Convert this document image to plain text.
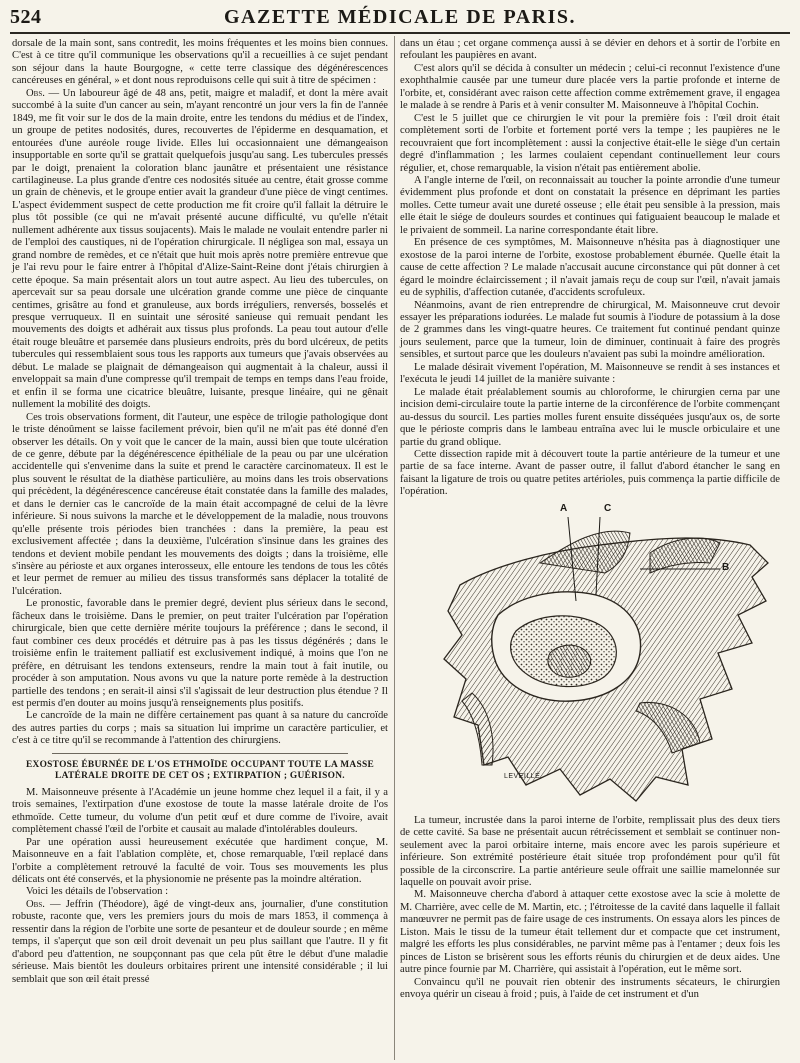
524	GAZETTE MÉDICALE DE PARIS.

dorsale de la main sont, sans contredit, les moins fréquentes et les moins bien connues. C'est à ce titre qu'il communique les observations qu'il a recueillies à ce sujet pendant son séjour dans la haute Bourgogne, « cette terre classique des dégénérescences cancéreuses en général, » et dont nous reproduisons celle qui suit à titre de spécimen :

Obs. — Un laboureur âgé de 48 ans, petit, maigre et maladif, et dont la mère avait succombé à la suite d'un cancer au sein, m'ayant rencontré un jour vers la fin de l'année 1849, me fit voir sur le dos de la main droite, entre les tendons du médius et de l'index, un groupe de petites nodosités, dures, recouvertes de l'épiderme en desquamation, et entourées d'une auréole rouge livide. Elles lui occasionnaient une démangeaison insupportable en sorte qu'il se grattait quelquefois jusqu'au sang. Les tubercules pressés par le doigt, prenaient la coloration blanc jaunâtre et présentaient une résistance cartilagineuse. La plus grande d'entre ces nodosités située au centre, était grosse comme un grain de chènevis, et le groupe entier avait la grandeur d'une pièce de vingt centimes. L'aspect évidemment suspect de cette production me fit croire qu'il fallait la détruire le plus tôt possible (ce qui ne m'avait présenté aucune difficulté, vu qu'elle n'était nullement adhérente aux tissus soujacents). Mais le malade ne voulait entendre parler ni de l'emploi des caustiques, ni de l'opération chirurgicale. Il négligea son mal, essaya un grand nombre de remèdes, et ce n'était que huit mois après notre première entrevue que je l'ai revu pour le faire entrer à l'hôpital d'Alize-Saint-Reine dont j'étais chirurgien à cette époque. Sa main présentait alors un tout autre aspect. Au lieu des tubercules, on apercevait sur sa peau dorsale une ulcération grande comme une pièce de cinquante centimes, grisâtre au fond et granuleuse, aux bords irréguliers, renversés, bosselés et presque verruqueux. Il en suintait une sérosité sanieuse qui remuait pendant les mouvements des doigts et adhérait aux tissus plus profonds. La peau tout autour d'elle était rouge bleuâtre et parsemée dans plusieurs endroits, près du bord ulcéreux, de petits tubercules qui ressemblaient sous tous les rapports aux tumeurs que j'avais observées au début. Le malade se plaignait de démangeaison qui augmentait à la chaleur, aussi il enveloppait sa main d'une compresse qu'il trempait de temps en temps dans l'eau froide, et enfin il se forma une cicatrice bleuâtre, luisante, presque linéaire, qui ne gênait nullement la mobilité des doigts.

Ces trois observations forment, dit l'auteur, une espèce de trilogie pathologique dont le triste dénoûment se laisse facilement prévoir, bien qu'il ne m'ait pas été donné d'en observer les détails. On y voit que le cancer de la main, aussi bien que toute ulcération de ce genre, débute par la dégénérescence épithéliale de la peau ou par une ulcération accidentelle qui s'envenime dans la suite et prend le caractère carcinomateux. Il est le plus souvent le résultat de la diathèse particulière, au moins dans les trois observations qui précèdent, la dégénérescence cancéreuse était constatée dans la famille des malades, et dans le dernier cas le cancroïde de la main était accompagné de celui de la lèvre inférieure. Si nous suivons la marche et le développement de la maladie, nous trouvons qu'elle présente trois périodes bien tranchées : dans la première, la peau est exclusivement affectée ; dans la deuxième, l'ulcération s'insinue dans les graines des tendons et devient mobile pendant les mouvements des doigts ; dans la troisième, elle s'insère au périoste et aux organes interosseux, elle entoure les tendons de tous les côtés et leur permet de remuer au milieu des tissus transformés sans déplacer la totalité de l'ulcération.

Le pronostic, favorable dans le premier degré, devient plus sérieux dans le second, fâcheux dans le troisième. Dans le premier, on peut traiter l'ulcération par l'opération chirurgicale, bien que cette dernière mérite toujours la préférence ; dans le second, il faut combiner ces deux procédés et détruire pas à pas les tissus dégénérés ; dans le troisième enfin le traitement palliatif est exclusivement indiqué, à moins que l'on ne préfère, en détruisant les tendons extenseurs, rendre la main tout à fait inutile, ou procéder à son amputation. Nous avons vu que la nature porte remède à la destruction partielle des tendons ; en serait-il ainsi s'il s'agissait de leur destruction plus étendue ? Il est permis d'en douter au moins jusqu'à renseignements plus positifs.

Le cancroïde de la main ne diffère certainement pas quant à sa nature du cancroïde des autres parties du corps ; mais sa situation lui imprime un caractère particulier, et c'est à ce titre qu'il se recommande à l'attention des chirurgiens.

EXOSTOSE ÉBURNÉE DE L'OS ETHMOÏDE OCCUPANT TOUTE LA MASSE LATÉRALE DROITE DE CET OS ; EXTIRPATION ; GUÉRISON.

M. Maisonneuve présente à l'Académie un jeune homme chez lequel il a fait, il y a trois semaines, l'extirpation d'une exostose de toute la masse latérale droite de l'os ethmoïde. Cette tumeur, du volume d'un petit œuf et dure comme de l'ivoire, avait complètement chassé l'œil de l'orbite et causait au malade d'intolérables douleurs.

Par une opération aussi heureusement exécutée que hardiment conçue, M. Maisonneuve en a fait l'ablation complète, et, chose remarquable, l'œil replacé dans l'orbite a complètement retrouvé la faculté de voir. Tous ses mouvements les plus délicats ont été conservés, et la physionomie ne présente pas la moindre altération.

Voici les détails de l'observation :

Obs. — Jeffrin (Théodore), âgé de vingt-deux ans, journalier, d'une constitution robuste, raconte que, vers les premiers jours du mois de mars 1853, il commença à ressentir dans la région de l'orbite une sorte de pesanteur et de douleur sourde ; en même temps, il s'aperçut que son œil droit devenait un peu plus saillant que l'autre. Il y fit d'abord peu d'attention, ne soupçonnant pas que cela pût être le début d'une maladie sérieuse. Mais bientôt les douleurs orbitaires prirent une intensité considérable ; il lui semblait que son œil était pressé

dans un étau ; cet organe commença aussi à se dévier en dehors et à sortir de l'orbite en refoulant les paupières en avant.

C'est alors qu'il se décida à consulter un médecin ; celui-ci reconnut l'existence d'une exophthalmie causée par une tumeur dure placée vers la partie profonde et interne de l'orbite, et, considérant avec raison cette affection comme extrêmement grave, il engagea le malade à se rendre à Paris et à venir consulter M. Maisonneuve à l'hôpital Cochin.

C'est le 5 juillet que ce chirurgien le vit pour la première fois : l'œil droit était complètement sorti de l'orbite et fortement porté vers la tempe ; les paupières ne le recouvraient que fort incomplètement : aussi la conjective était-elle le siège d'un certain degré d'inflammation ; les larmes coulaient cependant continuellement leur cours régulier, et, chose remarquable, la vision n'était pas entièrement abolie.

A l'angle interne de l'œil, on reconnaissait au toucher la pointe arrondie d'une tumeur évidemment plus profonde et dont on constatait la présence en déprimant les parties molles. Cette tumeur avait une dureté osseuse ; elle était peu sensible à la pression, mais elle était le siége de douleurs sourdes et continues qui fatiguaient beaucoup le malade et le privaient de sommeil. La narine correspondante était libre.

En présence de ces symptômes, M. Maisonneuve n'hésita pas à diagnostiquer une exostose de la paroi interne de l'orbite, exostose probablement éburnée. Quelle était la cause de cette affection ? Le malade n'accusait aucune circonstance qui pût donner à cet égard le moindre éclaircissement ; il n'avait jamais reçu de coup sur l'œil, n'avait jamais eu de syphilis, d'affection cutanée, d'accidents scrofuleux.

Néanmoins, avant de rien entreprendre de chirurgical, M. Maisonneuve crut devoir essayer les préparations iodurées. Le malade fut soumis à l'iodure de potassium à la dose de 2 grammes dans les vingt-quatre heures. Ce traitement fut continué pendant quinze jours seulement, parce que la tumeur, loin de diminuer, continuait à faire des progrès sensibles, et surtout parce que les douleurs n'avaient pas subi la moindre amélioration.

Le malade désirait vivement l'opération, M. Maisonneuve se rendit à ses instances et l'exécuta le jeudi 14 juillet de la manière suivante :

Le malade était préalablement soumis au chloroforme, le chirurgien cerna par une incision demi-circulaire toute la partie interne de la circonférence de l'orbite commençant au-dessus du sourcil. Les parties molles furent ensuite disséquées jusqu'aux os, de sorte que le périoste compris dans le lambeau entraîna avec lui le muscle orbiculaire et une partie du grand oblique.

Cette dissection rapide mit à découvert toute la partie antérieure de la tumeur et une partie de sa face interne. Avant de passer outre, il fallut d'abord étancher le sang en faisant la ligature de trois ou quatre petites artérioles, puis commença la partie difficile de l'opération.

A	C
B
LEVEILLÉ

La tumeur, incrustée dans la paroi interne de l'orbite, remplissait plus des deux tiers de cette cavité. Sa base ne présentait aucun rétrécissement et semblait se continuer non-seulement avec la paroi orbitaire interne, mais encore avec les parois supérieure et inférieure. Son extrémité postérieure était située trop profondément pour qu'il fût possible de la circonscrire. La partie antérieure seule offrait une saillie mamelonnée sur laquelle on pouvait avoir prise.

M. Maisonneuve chercha d'abord à attaquer cette exostose avec la scie à molette de M. Charrière, avec celle de M. Martin, etc. ; l'étroitesse de la cavité dans laquelle il fallait manœuvrer ne permit pas de faire usage de ces instruments. On essaya alors les pinces de Liston. Mais le tissu de la tumeur était tellement dur et compacte que cet instrument, malgré les efforts les plus considérables, ne parvint même pas à l'entamer ; deux fois les pinces de Liston se brisèrent sous les efforts réunis du chirurgien et de deux aides. Une autre pince fournie par M. Charrière, qui assistait à l'opération, eut le même sort.

Convaincu qu'il ne pouvait rien obtenir des instruments sécateurs, le chirurgien envoya quérir un ciseau à froid ; puis, à l'aide de cet instrument et d'un
